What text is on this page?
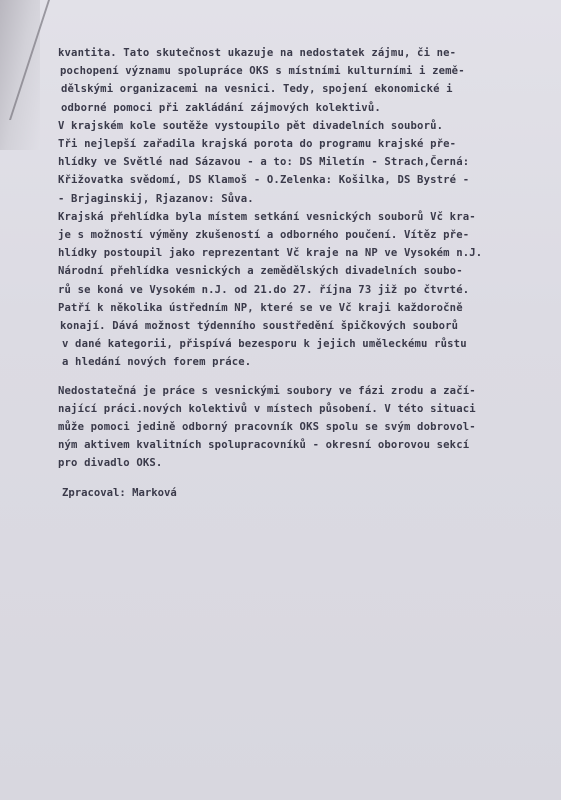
kvantita. Tato skutečnost ukazuje na nedostatek zájmu, či ne-
pochopení významu spolupráce OKS s místními kulturními i země-
dělskými organizacemi na vesnici. Tedy, spojení ekonomické i
odborné pomoci při zakládání zájmových kolektivů.
V krajském kole soutěže vystoupilo pět divadelních souborů.
Tři nejlepší zařadila krajská porota do programu krajské pře-
hlídky ve Světlé nad Sázavou - a to: DS Miletín - Strach,Černá:
Křižovatka svědomí, DS Klamoš - O.Zelenka: Košilka, DS Bystré -
- Brjaginskij, Rjazanov: Sůva.
Krajská přehlídka byla místem setkání vesnických souborů Vč kra-
je s možností výměny zkušeností a odborného poučení. Vítěz pře-
hlídky postoupil jako reprezentant Vč kraje na NP ve Vysokém n.J.
Národní přehlídka vesnických a zemědělských divadelních soubo-
rů se koná ve Vysokém n.J. od 21.do 27. října 73 již po čtvrté.
Patří k několika ústředním NP, které se ve Vč kraji každoročně
konají. Dává možnost týdenního soustředění špičkových souborů
v dané kategorii, přispívá bezesporu k jejich uměleckému růstu
a hledání nových forem práce.
Nedostatečná je práce s vesnickými soubory ve fázi zrodu a začí-
nající práci.nových kolektivů v místech působení. V této situaci
může pomoci jedině odborný pracovník OKS spolu se svým dobrovol-
ným aktivem kvalitních spolupracovníků - okresní oborovou sekcí
pro divadlo OKS.
Zpracoval: Marková
